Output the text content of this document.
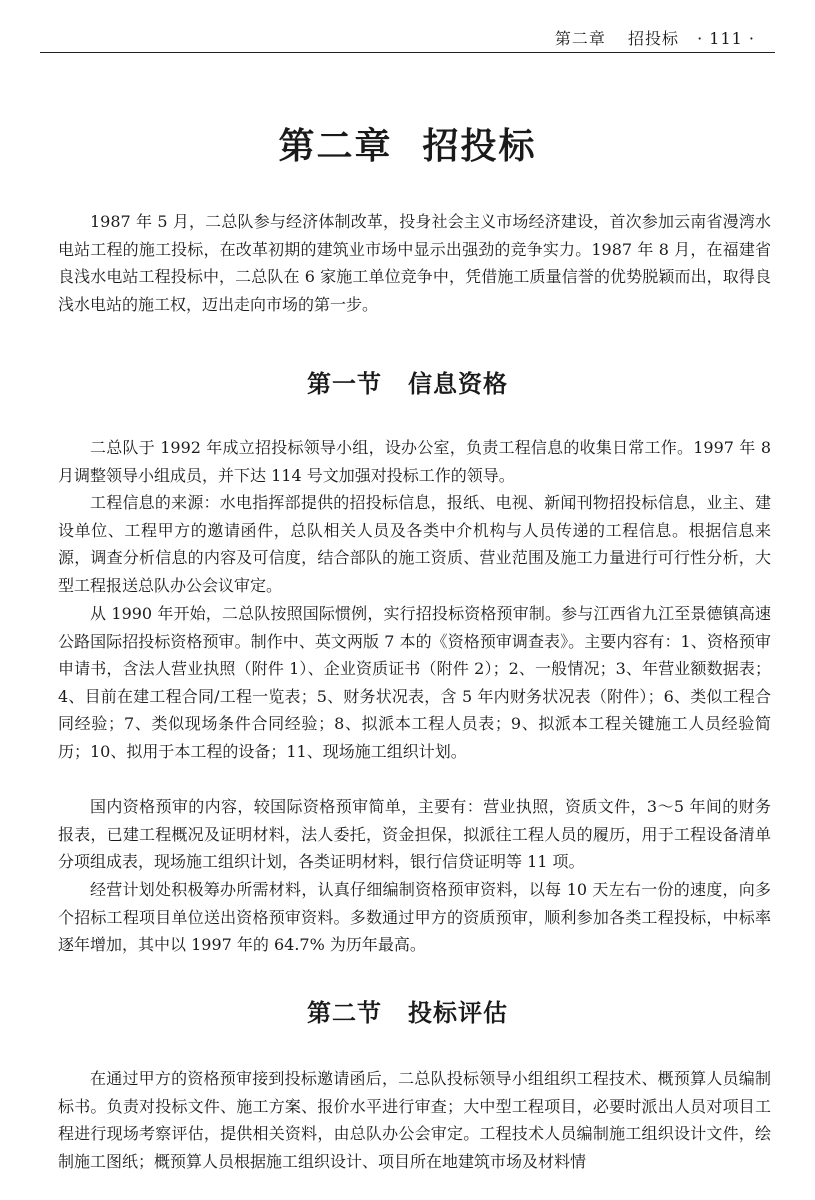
第二章 招投标 · 111 ·
第二章 招投标

1987 年 5 月，二总队参与经济体制改革，投身社会主义市场经济建设，首次参加云南省漫湾水电站工程的施工投标，在改革初期的建筑业市场中显示出强劲的竞争实力。1987 年 8 月，在福建省良浅水电站工程投标中，二总队在 6 家施工单位竞争中，凭借施工质量信誉的优势脱颖而出，取得良浅水电站的施工权，迈出走向市场的第一步。

第一节 信息资格

二总队于 1992 年成立招投标领导小组，设办公室，负责工程信息的收集日常工作。1997 年 8 月调整领导小组成员，并下达 114 号文加强对投标工作的领导。

工程信息的来源：水电指挥部提供的招投标信息，报纸、电视、新闻刊物招投标信息，业主、建设单位、工程甲方的邀请函件，总队相关人员及各类中介机构与人员传递的工程信息。根据信息来源，调查分析信息的内容及可信度，结合部队的施工资质、营业范围及施工力量进行可行性分析，大型工程报送总队办公会议审定。

从 1990 年开始，二总队按照国际惯例，实行招投标资格预审制。参与江西省九江至景德镇高速公路国际招投标资格预审。制作中、英文两版 7 本的《资格预审调查表》。主要内容有：1、资格预审申请书，含法人营业执照（附件 1）、企业资质证书（附件 2）；2、一般情况；3、年营业额数据表；4、目前在建工程合同/工程一览表；5、财务状况表，含 5 年内财务状况表（附件）；6、类似工程合同经验；7、类似现场条件合同经验；8、拟派本工程人员表；9、拟派本工程关键施工人员经验简历；10、拟用于本工程的设备；11、现场施工组织计划。

国内资格预审的内容，较国际资格预审简单，主要有：营业执照，资质文件，3～5 年间的财务报表，已建工程概况及证明材料，法人委托，资金担保，拟派往工程人员的履历，用于工程设备清单分项组成表，现场施工组织计划，各类证明材料，银行信贷证明等 11 项。

经营计划处积极筹办所需材料，认真仔细编制资格预审资料，以每 10 天左右一份的速度，向多个招标工程项目单位送出资格预审资料。多数通过甲方的资质预审，顺利参加各类工程投标，中标率逐年增加，其中以 1997 年的 64.7% 为历年最高。

第二节 投标评估

在通过甲方的资格预审接到投标邀请函后，二总队投标领导小组组织工程技术、概预算人员编制标书。负责对投标文件、施工方案、报价水平进行审查；大中型工程项目，必要时派出人员对项目工程进行现场考察评估，提供相关资料，由总队办公会审定。工程技术人员编制施工组织设计文件，绘制施工图纸；概预算人员根据施工组织设计、项目所在地建筑市场及材料情
